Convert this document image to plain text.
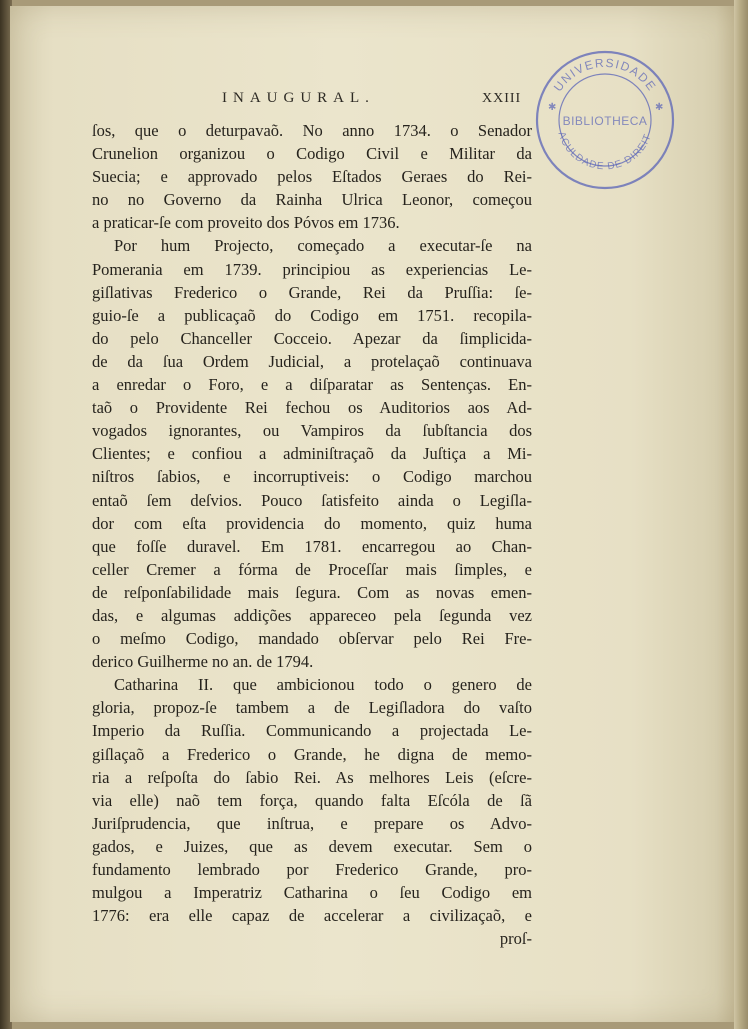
INAUGURAL.	XXIII
UNIVERSIDADE
BIBLIOTHECA
ACULDADE DE DIREIT
✱
✱
ſos, que o deturpavaõ. No anno 1734. o Senador
Crunelion organizou o Codigo Civil e Militar da
Suecia; e approvado pelos Eſtados Geraes do Rei-
no no Governo da Rainha Ulrica Leonor, começou
a praticar-ſe com proveito dos Póvos em 1736.
Por hum Projecto, começado a executar-ſe na
Pomerania em 1739. principiou as experiencias Le-
giſlativas Frederico o Grande, Rei da Pruſſia: ſe-
guio-ſe a publicaçaõ do Codigo em 1751. recopila-
do pelo Chanceller Cocceio. Apezar da ſimplicida-
de da ſua Ordem Judicial, a protelaçaõ continuava
a enredar o Foro, e a diſparatar as Sentenças. En-
taõ o Providente Rei fechou os Auditorios aos Ad-
vogados ignorantes, ou Vampiros da ſubſtancia dos
Clientes; e confiou a adminiſtraçaõ da Juſtiça a Mi-
niſtros ſabios, e incorruptiveis: o Codigo marchou
entaõ ſem deſvios. Pouco ſatisfeito ainda o Legiſla-
dor com eſta providencia do momento, quiz huma
que foſſe duravel. Em 1781. encarregou ao Chan-
celler Cremer a fórma de Proceſſar mais ſimples, e
de reſponſabilidade mais ſegura. Com as novas emen-
das, e algumas addições appareceo pela ſegunda vez
o meſmo Codigo, mandado obſervar pelo Rei Fre-
derico Guilherme no an. de 1794.
Catharina II. que ambicionou todo o genero de
gloria, propoz-ſe tambem a de Legiſladora do vaſto
Imperio da Ruſſia. Communicando a projectada Le-
giſlaçaõ a Frederico o Grande, he digna de memo-
ria a reſpoſta do ſabio Rei. As melhores Leis (eſcre-
via elle) naõ tem força, quando falta Eſcóla de ſã
Juriſprudencia, que inſtrua, e prepare os Advo-
gados, e Juizes, que as devem executar. Sem o
fundamento lembrado por Frederico Grande, pro-
mulgou a Imperatriz Catharina o ſeu Codigo em
1776: era elle capaz de accelerar a civilizaçaõ, e
proſ-
